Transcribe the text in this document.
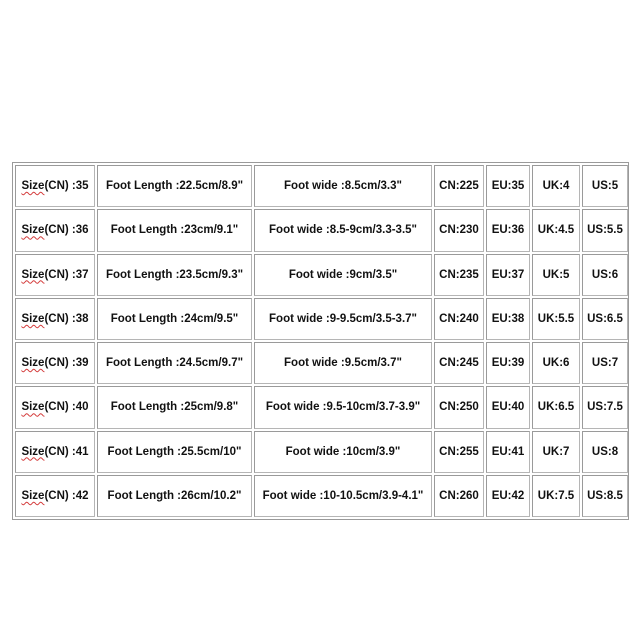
Size(CN) :35	Foot Length :22.5cm/8.9"	Foot wide :8.5cm/3.3"	CN:225	EU:35	UK:4	US:5
Size(CN) :36	Foot Length :23cm/9.1"	Foot wide :8.5-9cm/3.3-3.5"	CN:230	EU:36	UK:4.5	US:5.5
Size(CN) :37	Foot Length :23.5cm/9.3"	Foot wide :9cm/3.5"	CN:235	EU:37	UK:5	US:6
Size(CN) :38	Foot Length :24cm/9.5"	Foot wide :9-9.5cm/3.5-3.7"	CN:240	EU:38	UK:5.5	US:6.5
Size(CN) :39	Foot Length :24.5cm/9.7"	Foot wide :9.5cm/3.7"	CN:245	EU:39	UK:6	US:7
Size(CN) :40	Foot Length :25cm/9.8"	Foot wide :9.5-10cm/3.7-3.9"	CN:250	EU:40	UK:6.5	US:7.5
Size(CN) :41	Foot Length :25.5cm/10"	Foot wide :10cm/3.9"	CN:255	EU:41	UK:7	US:8
Size(CN) :42	Foot Length :26cm/10.2"	Foot wide :10-10.5cm/3.9-4.1"	CN:260	EU:42	UK:7.5	US:8.5
